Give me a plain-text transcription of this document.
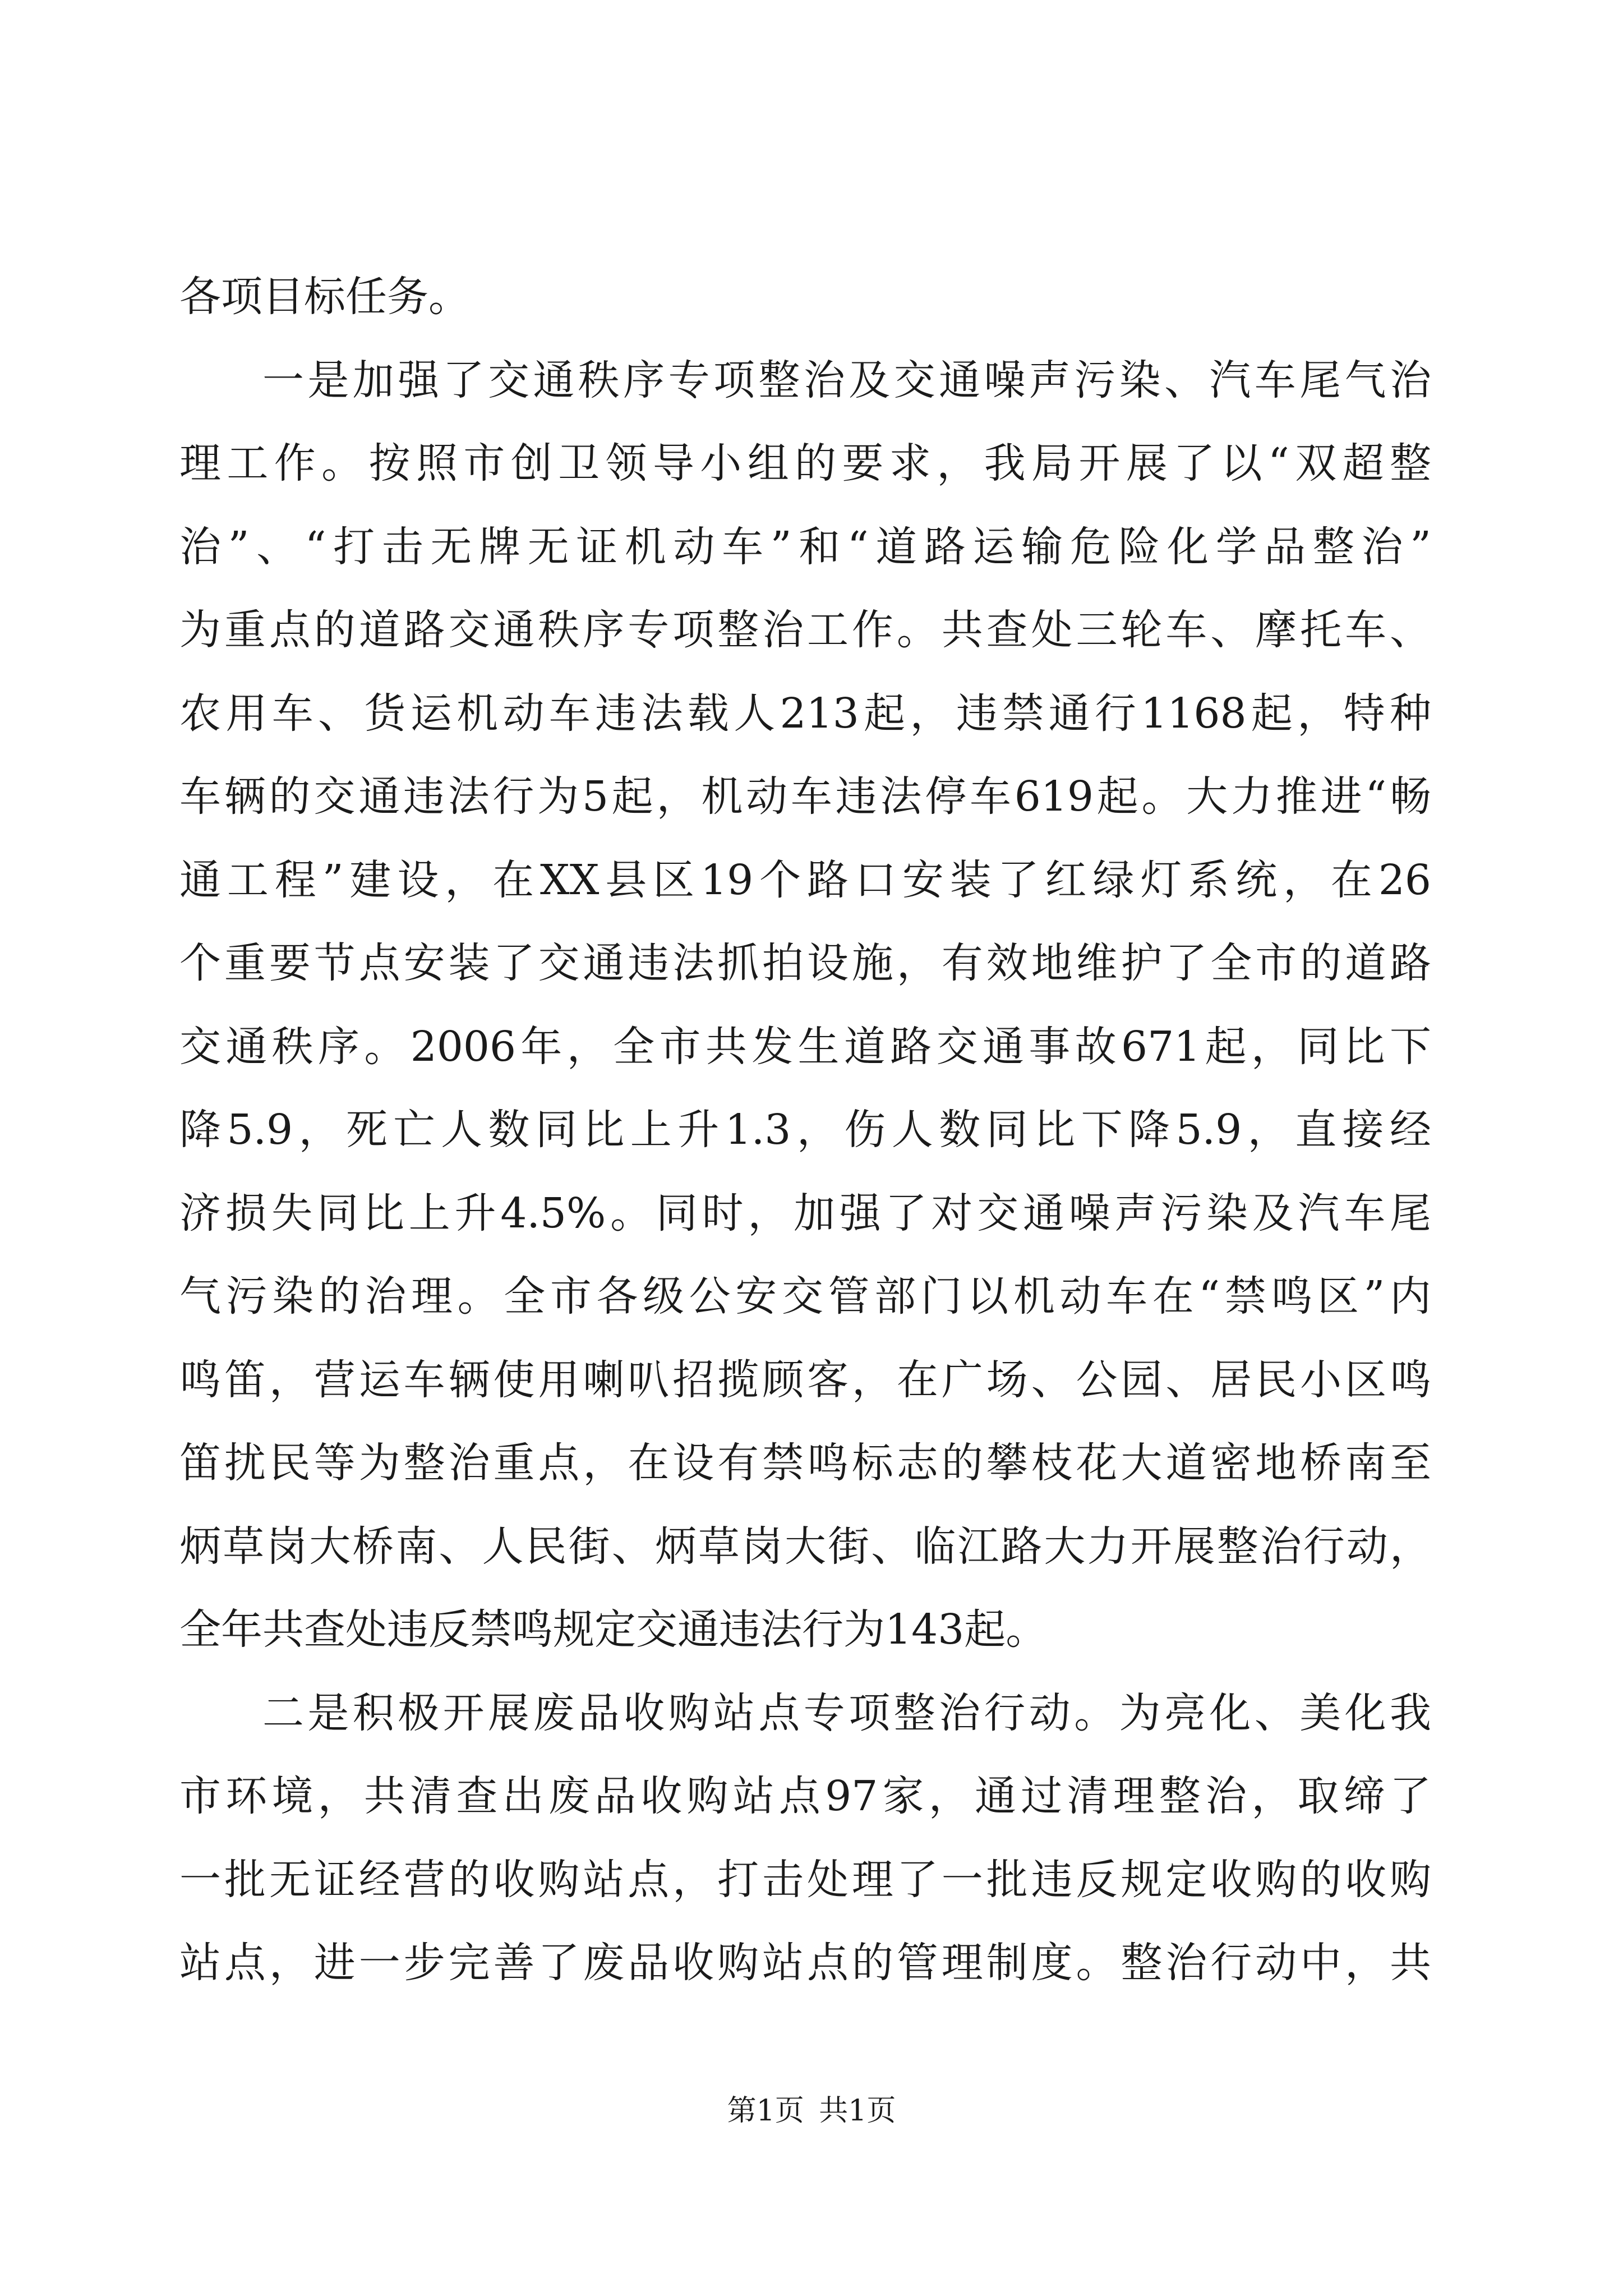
各项目标任务。
一是加强了交通秩序专项整治及交通噪声污染、汽车尾气治
理工作。按照市创卫领导小组的要求，我局开展了以“双超整
治”、“打击无牌无证机动车”和“道路运输危险化学品整治”
为重点的道路交通秩序专项整治工作。共查处三轮车、摩托车、
农用车、货运机动车违法载人213起，违禁通行1168起，特种
车辆的交通违法行为5起，机动车违法停车619起。大力推进“畅
通工程”建设，在XX县区19个路口安装了红绿灯系统，在26
个重要节点安装了交通违法抓拍设施，有效地维护了全市的道路
交通秩序。2006年，全市共发生道路交通事故671起，同比下
降5.9，死亡人数同比上升1.3，伤人数同比下降5.9，直接经
济损失同比上升4.5%。同时，加强了对交通噪声污染及汽车尾
气污染的治理。全市各级公安交管部门以机动车在“禁鸣区”内
鸣笛，营运车辆使用喇叭招揽顾客，在广场、公园、居民小区鸣
笛扰民等为整治重点，在设有禁鸣标志的攀枝花大道密地桥南至
炳草岗大桥南、人民街、炳草岗大街、临江路大力开展整治行动，
全年共查处违反禁鸣规定交通违法行为143起。
二是积极开展废品收购站点专项整治行动。为亮化、美化我
市环境，共清查出废品收购站点97家，通过清理整治，取缔了
一批无证经营的收购站点，打击处理了一批违反规定收购的收购
站点，进一步完善了废品收购站点的管理制度。整治行动中，共
第1页 共1页
